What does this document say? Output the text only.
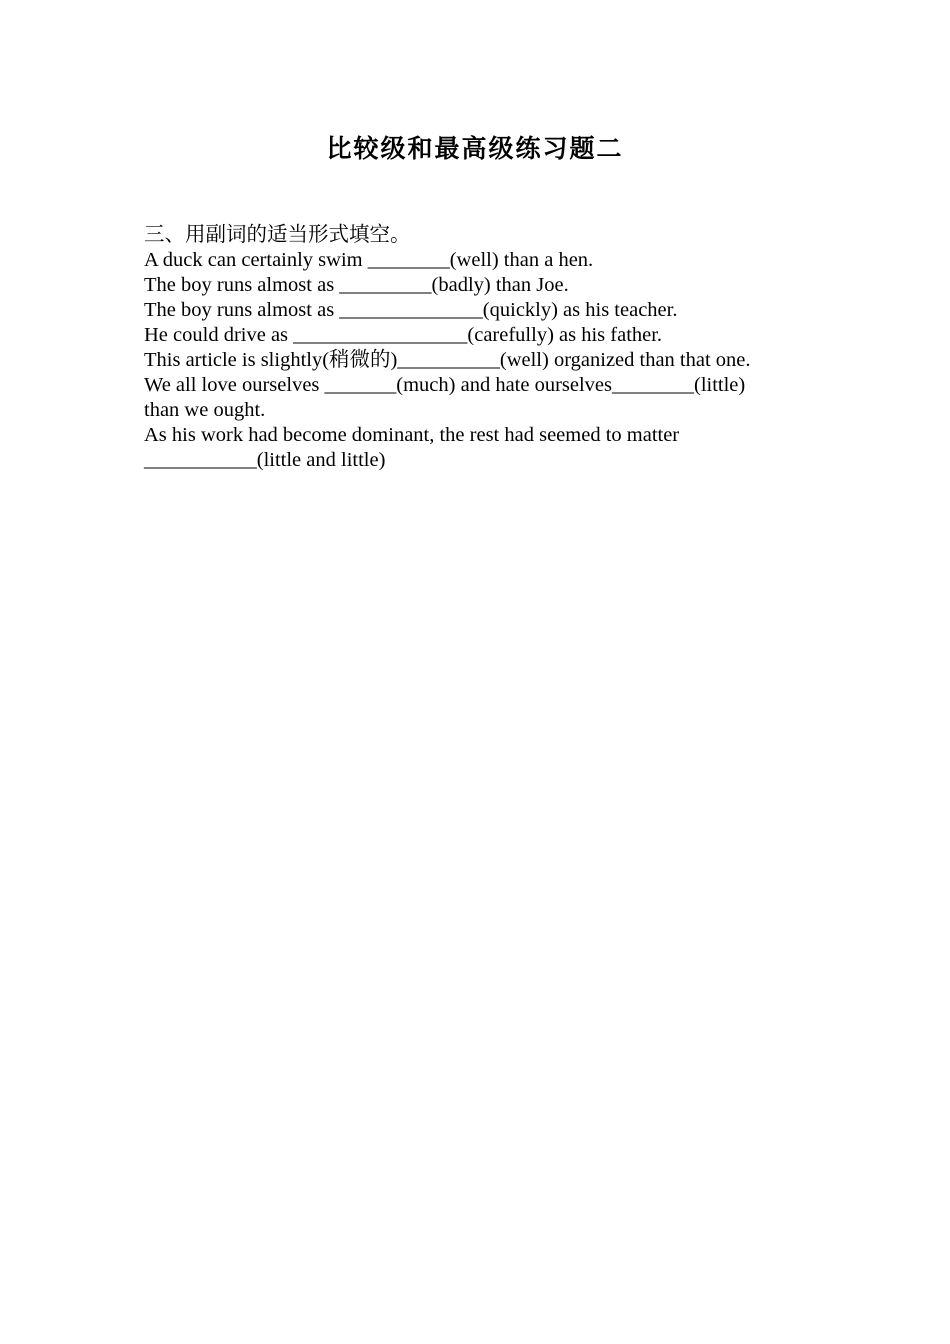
比较级和最高级练习题二

三、用副词的适当形式填空。

A duck can certainly swim ________(well) than a hen.

The boy runs almost as _________(badly) than Joe.

The boy runs almost as ______________(quickly) as his teacher.

He could drive as _________________(carefully) as his father.

This article is slightly(稍微的)__________(well) organized than that one.

We all love ourselves _______(much) and hate ourselves________(little)

than we ought.

As his work had become dominant, the rest had seemed to matter

___________(little and little)
